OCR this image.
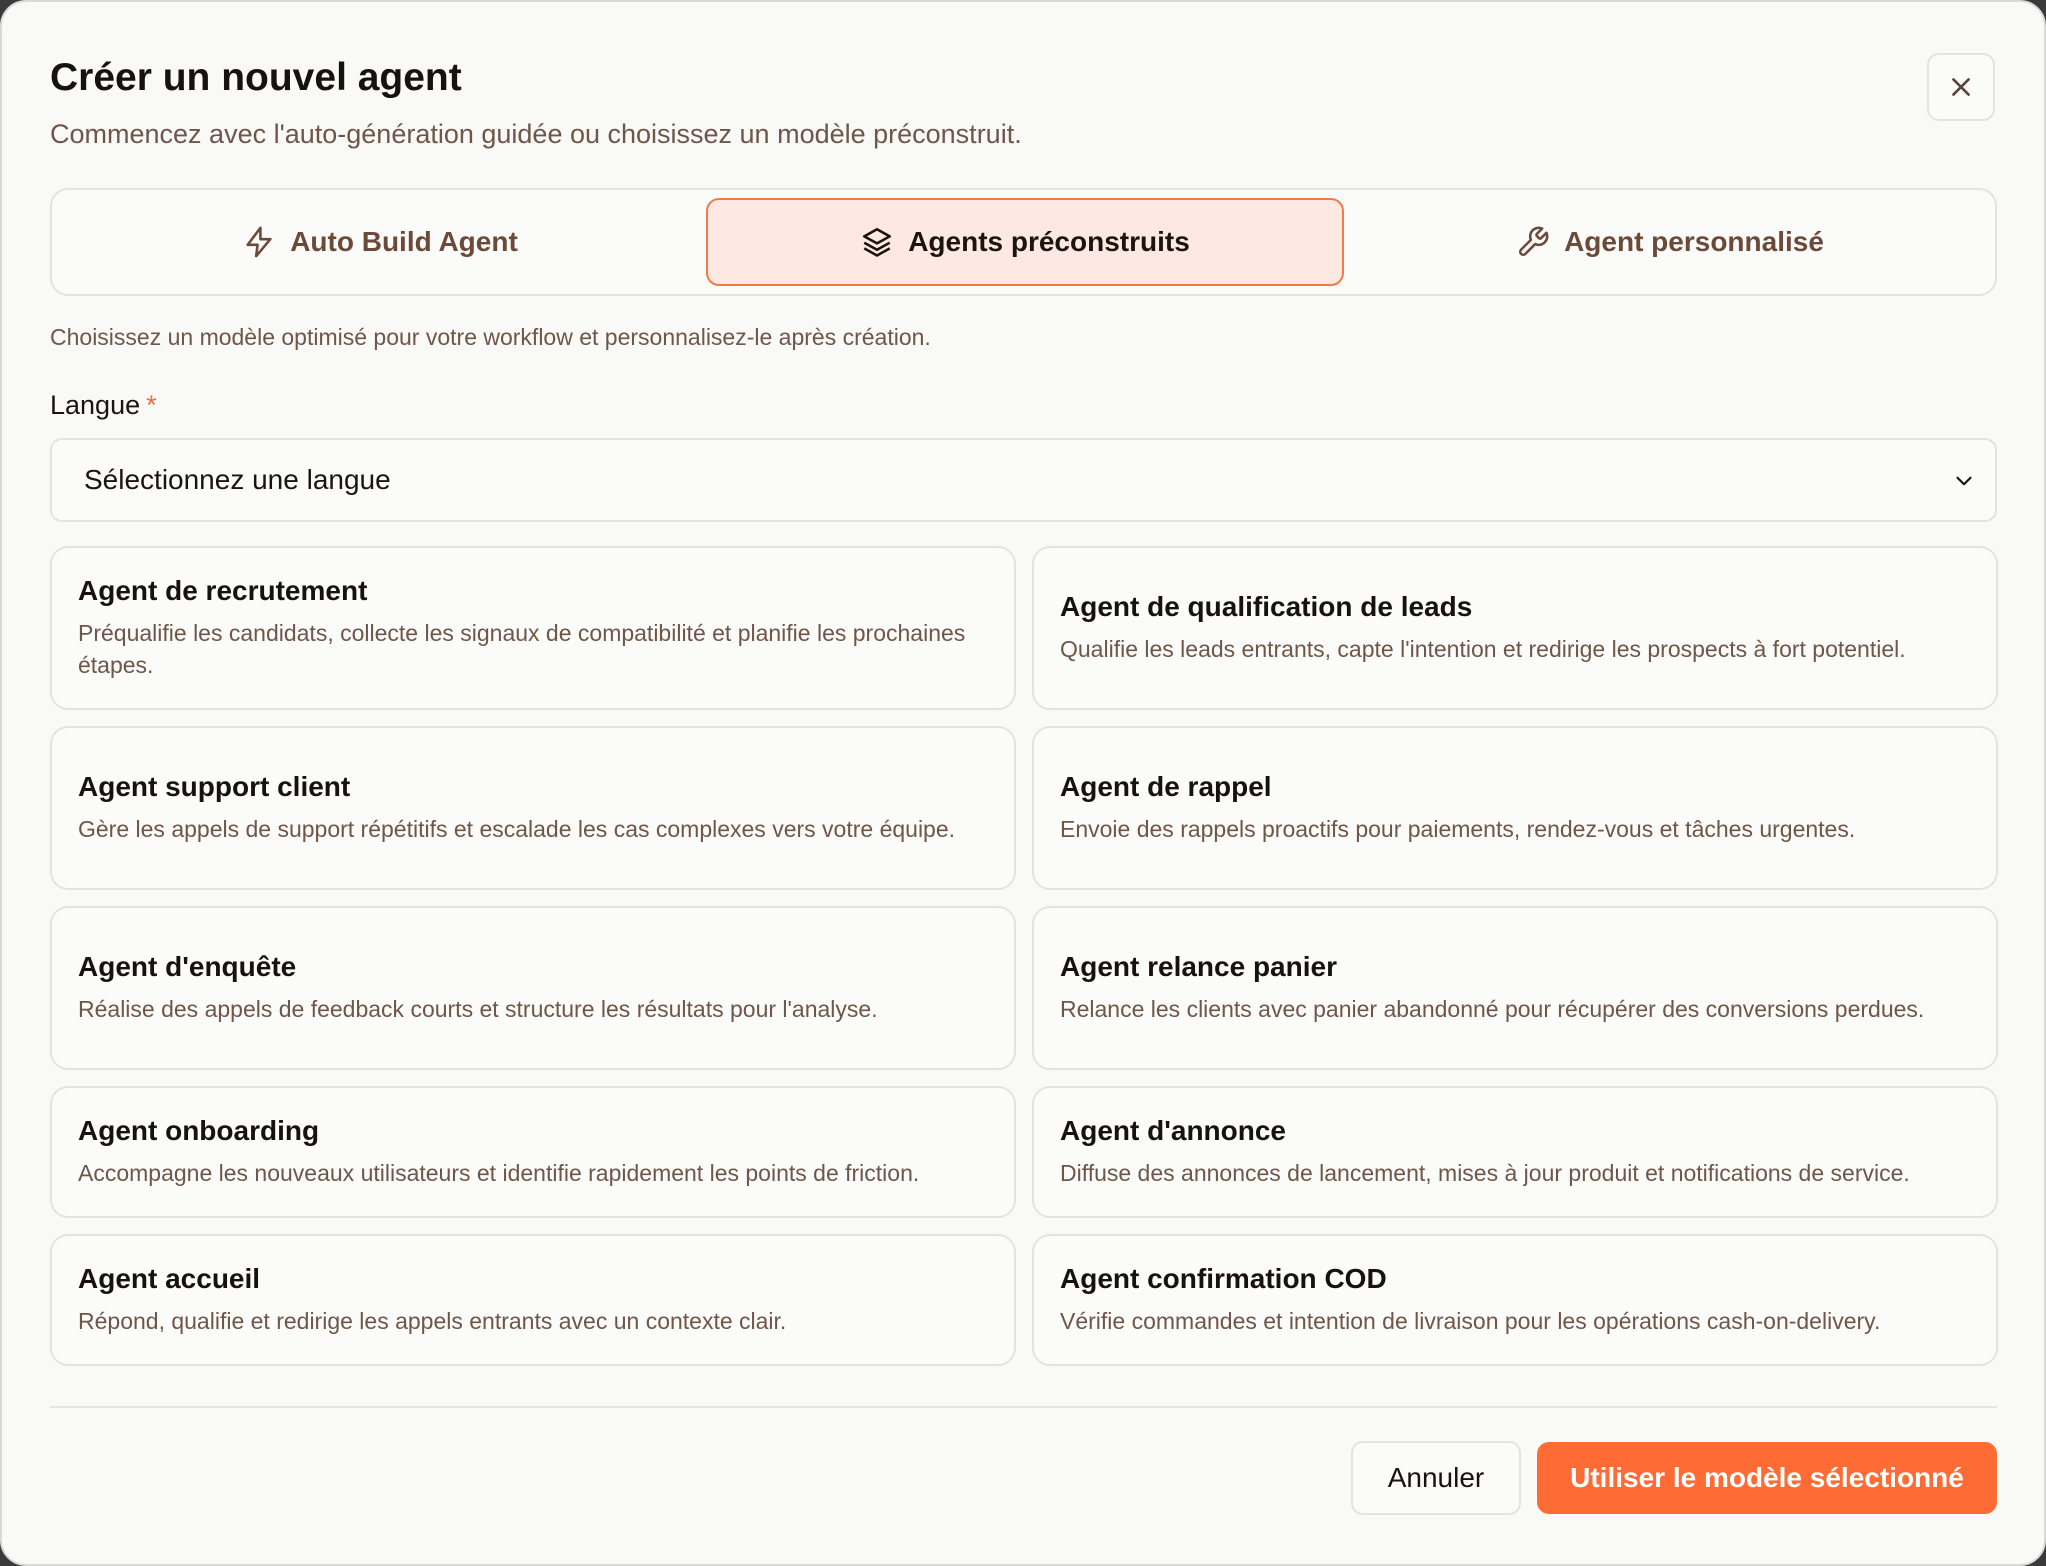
Créer un nouvel agent
Commencez avec l'auto-génération guidée ou choisissez un modèle préconstruit.
Auto Build Agent	Agents préconstruits	Agent personnalisé
Choisissez un modèle optimisé pour votre workflow et personnalisez-le après création.
Langue *
Sélectionnez une langue
Agent de recrutement
Préqualifie les candidats, collecte les signaux de compatibilité et planifie les prochaines étapes.
Agent de qualification de leads
Qualifie les leads entrants, capte l'intention et redirige les prospects à fort potentiel.
Agent support client
Gère les appels de support répétitifs et escalade les cas complexes vers votre équipe.
Agent de rappel
Envoie des rappels proactifs pour paiements, rendez-vous et tâches urgentes.
Agent d'enquête
Réalise des appels de feedback courts et structure les résultats pour l'analyse.
Agent relance panier
Relance les clients avec panier abandonné pour récupérer des conversions perdues.
Agent onboarding
Accompagne les nouveaux utilisateurs et identifie rapidement les points de friction.
Agent d'annonce
Diffuse des annonces de lancement, mises à jour produit et notifications de service.
Agent accueil
Répond, qualifie et redirige les appels entrants avec un contexte clair.
Agent confirmation COD
Vérifie commandes et intention de livraison pour les opérations cash-on-delivery.
Annuler	Utiliser le modèle sélectionné
